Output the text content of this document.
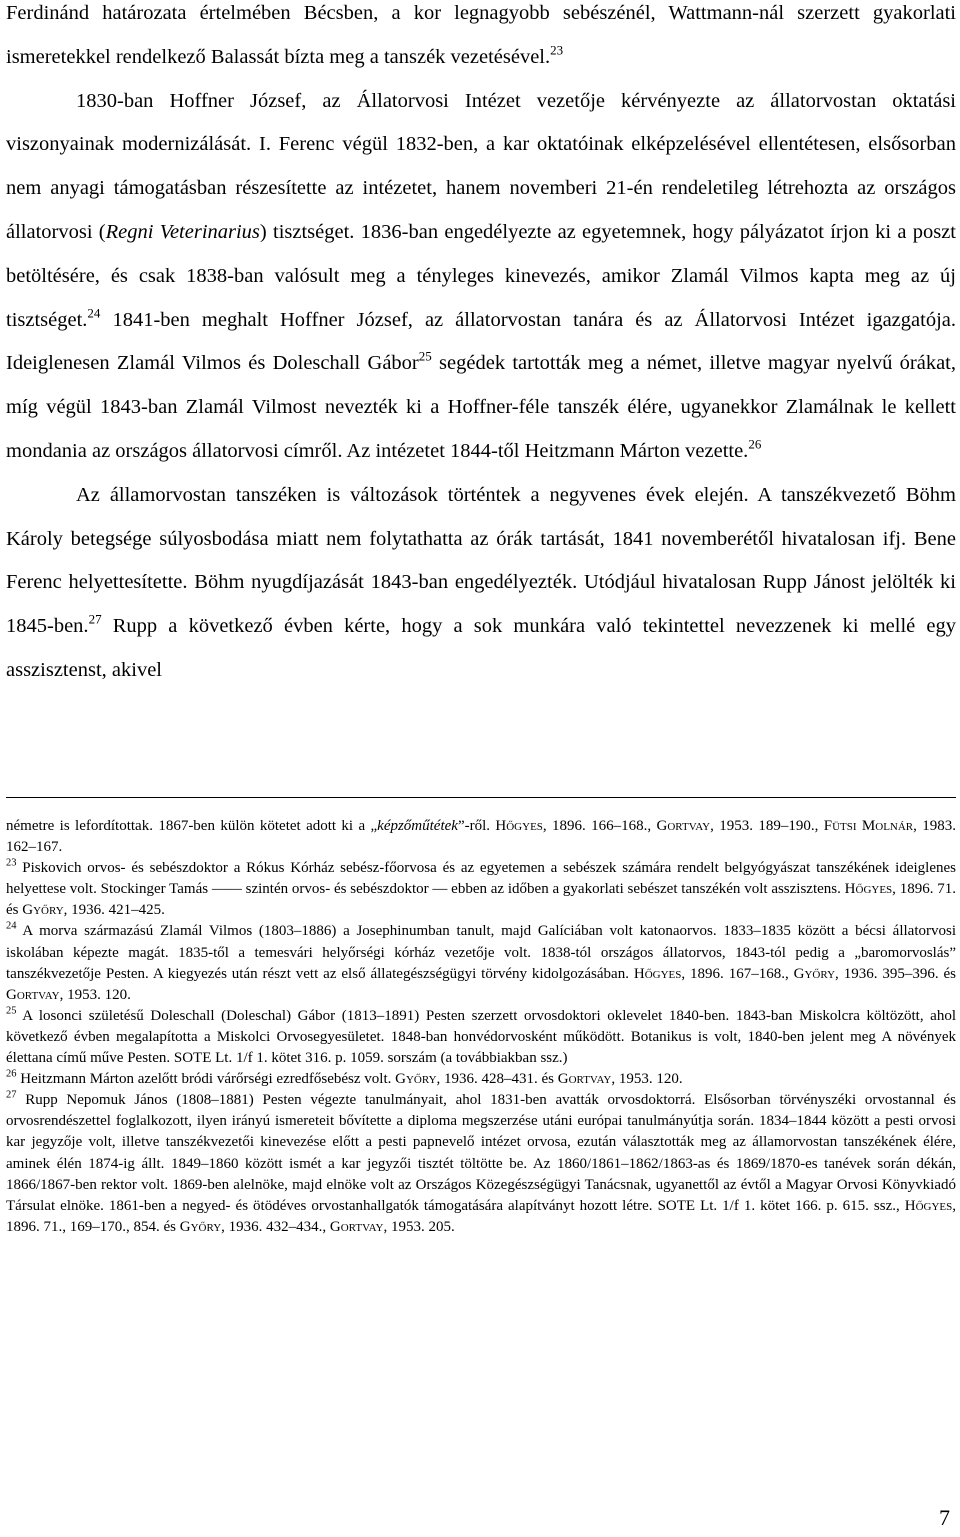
Ferdinánd határozata értelmében Bécsben, a kor legnagyobb sebészénél, Wattmann-nál szerzett gyakorlati ismeretekkel rendelkező Balassát bízta meg a tanszék vezetésével.$^{23}$

1830-ban Hoffner József, az Állatorvosi Intézet vezetője kérvényezte az állatorvostan oktatási viszonyainak modernizálását. I. Ferenc végül 1832-ben, a kar oktatóinak elképzelésével ellentétesen, elsősorban nem anyagi támogatásban részesítette az intézetet, hanem novemberi 21-én rendeletileg létrehozta az országos állatorvosi (Regni Veterinarius) tisztséget. 1836-ban engedélyezte az egyetemnek, hogy pályázatot írjon ki a poszt betöltésére, és csak 1838-ban valósult meg a tényleges kinevezés, amikor Zlamál Vilmos kapta meg az új tisztséget.$^{24}$ 1841-ben meghalt Hoffner József, az állatorvostan tanára és az Állatorvosi Intézet igazgatója. Ideiglenesen Zlamál Vilmos és Doleschall Gábor$^{25}$ segédek tartották meg a német, illetve magyar nyelvű órákat, míg végül 1843-ban Zlamál Vilmost nevezték ki a Hoffner-féle tanszék élére, ugyanekkor Zlamálnak le kellett mondania az országos állatorvosi címről. Az intézetet 1844-től Heitzmann Márton vezette.$^{26}$

Az államorvostan tanszéken is változások történtek a negyvenes évek elején. A tanszékvezető Böhm Károly betegsége súlyosbodása miatt nem folytathatta az órák tartását, 1841 novemberétől hivatalosan ifj. Bene Ferenc helyettesítette. Böhm nyugdíjazását 1843-ban engedélyezték. Utódjául hivatalosan Rupp Jánost jelölték ki 1845-ben.$^{27}$ Rupp a következő évben kérte, hogy a sok munkára való tekintettel nevezzenek ki mellé egy asszisztenst, akivel

németre is lefordítottak. 1867-ben külön kötetet adott ki a „képzőműtétek”-ről. Hőgyes, 1896. 166–168., Gortvay, 1953. 189–190., Fütsi Molnár, 1983. 162–167.

$^{23}$ Piskovich orvos- és sebészdoktor a Rókus Kórház sebész-főorvosa és az egyetemen a sebészek számára rendelt belgyógyászat tanszékének ideiglenes helyettese volt. Stockinger Tamás —— szintén orvos- és sebészdoktor — ebben az időben a gyakorlati sebészet tanszékén volt asszisztens. Hőgyes, 1896. 71. és Győry, 1936. 421–425.

$^{24}$ A morva származású Zlamál Vilmos (1803–1886) a Josephinumban tanult, majd Galíciában volt katonaorvos. 1833–1835 között a bécsi állatorvosi iskolában képezte magát. 1835-től a temesvári helyőrségi kórház vezetője volt. 1838-tól országos állatorvos, 1843-tól pedig a „baromorvoslás” tanszékvezetője Pesten. A kiegyezés után részt vett az első állategészségügyi törvény kidolgozásában. Hőgyes, 1896. 167–168., Győry, 1936. 395–396. és Gortvay, 1953. 120.

$^{25}$ A losonci születésű Doleschall (Doleschal) Gábor (1813–1891) Pesten szerzett orvosdoktori oklevelet 1840-ben. 1843-ban Miskolcra költözött, ahol következő évben megalapította a Miskolci Orvosegyesületet. 1848-ban honvédorvosként működött. Botanikus is volt, 1840-ben jelent meg A növények élettana című műve Pesten. SOTE Lt. 1/f 1. kötet 316. p. 1059. sorszám (a továbbiakban ssz.)

$^{26}$ Heitzmann Márton azelőtt bródi várőrségi ezredfősebész volt. Győry, 1936. 428–431. és Gortvay, 1953. 120.

$^{27}$ Rupp Nepomuk János (1808–1881) Pesten végezte tanulmányait, ahol 1831-ben avatták orvosdoktorrá. Elsősorban törvényszéki orvostannal és orvosrendészettel foglalkozott, ilyen irányú ismereteit bővítette a diploma megszerzése utáni európai tanulmányútja során. 1834–1844 között a pesti orvosi kar jegyzője volt, illetve tanszékvezetői kinevezése előtt a pesti papnevelő intézet orvosa, ezután választották meg az államorvostan tanszékének élére, aminek élén 1874-ig állt. 1849–1860 között ismét a kar jegyzői tisztét töltötte be. Az 1860/1861–1862/1863-as és 1869/1870-es tanévek során dékán, 1866/1867-ben rektor volt. 1869-ben alelnöke, majd elnöke volt az Országos Közegészségügyi Tanácsnak, ugyanettől az évtől a Magyar Orvosi Könyvkiadó Társulat elnöke. 1861-ben a negyed- és ötödéves orvostanhallgatók támogatására alapítványt hozott létre. SOTE Lt. 1/f 1. kötet 166. p. 615. ssz., Hőgyes, 1896. 71., 169–170., 854. és Győry, 1936. 432–434., Gortvay, 1953. 205.

7
